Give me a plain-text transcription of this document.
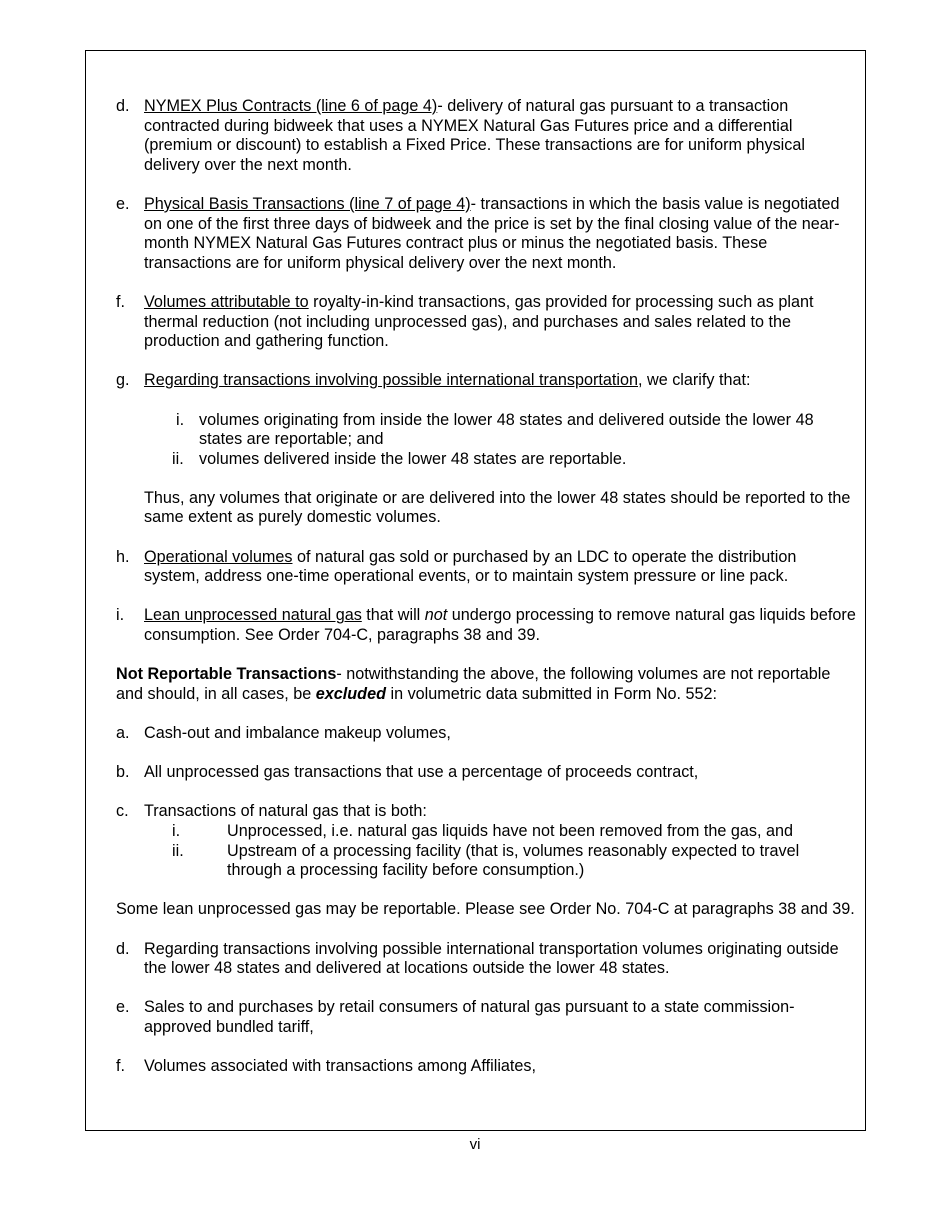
d. NYMEX Plus Contracts (line 6 of page 4)- delivery of natural gas pursuant to a transaction contracted during bidweek that uses a NYMEX Natural Gas Futures price and a differential (premium or discount) to establish a Fixed Price. These transactions are for uniform physical delivery over the next month.
e. Physical Basis Transactions (line 7 of page 4)- transactions in which the basis value is negotiated on one of the first three days of bidweek and the price is set by the final closing value of the near-month NYMEX Natural Gas Futures contract plus or minus the negotiated basis. These transactions are for uniform physical delivery over the next month.
f.	Volumes attributable to royalty-in-kind transactions, gas provided for processing such as plant thermal reduction (not including unprocessed gas), and purchases and sales related to the production and gathering function.
g. Regarding transactions involving possible international transportation, we clarify that:
i. volumes originating from inside the lower 48 states and delivered outside the lower 48 states are reportable; and
ii. volumes delivered inside the lower 48 states are reportable.
Thus, any volumes that originate or are delivered into the lower 48 states should be reported to the same extent as purely domestic volumes.
h. Operational volumes of natural gas sold or purchased by an LDC to operate the distribution system, address one-time operational events, or to maintain system pressure or line pack.
i.	Lean unprocessed natural gas that will not undergo processing to remove natural gas liquids before consumption. See Order 704-C, paragraphs 38 and 39.
Not Reportable Transactions- notwithstanding the above, the following volumes are not reportable and should, in all cases, be excluded in volumetric data submitted in Form No. 552:
a. Cash-out and imbalance makeup volumes,
b. All unprocessed gas transactions that use a percentage of proceeds contract,
c. Transactions of natural gas that is both:
i.	Unprocessed, i.e. natural gas liquids have not been removed from the gas, and
ii.	Upstream of a processing facility (that is, volumes reasonably expected to travel through a processing facility before consumption.)
Some lean unprocessed gas may be reportable. Please see Order No. 704-C at paragraphs 38 and 39.
d. Regarding transactions involving possible international transportation volumes originating outside the lower 48 states and delivered at locations outside the lower 48 states.
e. Sales to and purchases by retail consumers of natural gas pursuant to a state commission-approved bundled tariff,
f.	Volumes associated with transactions among Affiliates,
vi
